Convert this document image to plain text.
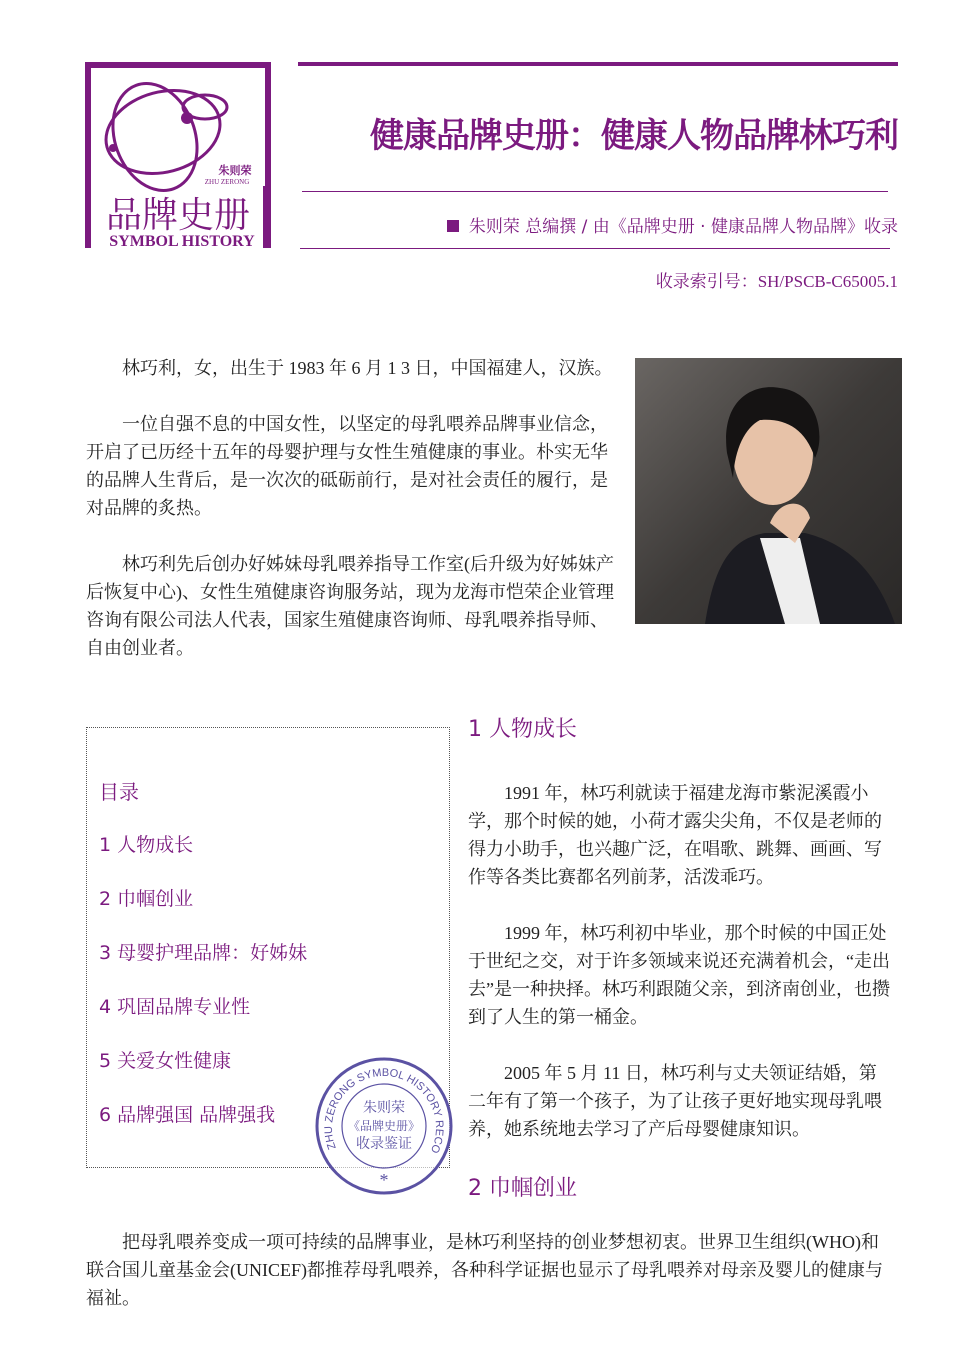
朱则荣
ZHU ZERONG
品牌史册
SYMBOL HISTORY
健康品牌史册：健康人物品牌林巧利
朱则荣 总编撰 / 由《品牌史册 · 健康品牌人物品牌》收录
收录索引号：SH/PSCB-C65005.1

林巧利，女，出生于 1983 年 6 月 1 3 日，中国福建人，汉族。

一位自强不息的中国女性，以坚定的母乳喂养品牌事业信念，开启了已历经十五年的母婴护理与女性生殖健康的事业。朴实无华的品牌人生背后，是一次次的砥砺前行，是对社会责任的履行，是对品牌的炙热。

林巧利先后创办好姊妹母乳喂养指导工作室(后升级为好姊妹产后恢复中心)、女性生殖健康咨询服务站，现为龙海市恺荣企业管理咨询有限公司法人代表，国家生殖健康咨询师、母乳喂养指导师、自由创业者。

目录
1 人物成长
2 巾帼创业
3 母婴护理品牌：好姊妹
4 巩固品牌专业性
5 关爱女性健康
6 品牌强国 品牌强我
ZHU ZERONG SYMBOL HISTORY RECO
朱则荣
《品牌史册》
收录鉴证
*
1 人物成长

1991 年，林巧利就读于福建龙海市紫泥溪霞小学，那个时候的她，小荷才露尖尖角，不仅是老师的得力小助手，也兴趣广泛，在唱歌、跳舞、画画、写作等各类比赛都名列前茅，活泼乖巧。

1999 年，林巧利初中毕业，那个时候的中国正处于世纪之交，对于许多领域来说还充满着机会，“走出去”是一种抉择。林巧利跟随父亲，到济南创业，也攒到了人生的第一桶金。

2005 年 5 月 11 日，林巧利与丈夫领证结婚，第二年有了第一个孩子，为了让孩子更好地实现母乳喂养，她系统地去学习了产后母婴健康知识。

2 巾帼创业

把母乳喂养变成一项可持续的品牌事业，是林巧利坚持的创业梦想初衷。世界卫生组织(WHO)和联合国儿童基金会(UNICEF)都推荐母乳喂养，各种科学证据也显示了母乳喂养对母亲及婴儿的健康与福祉。
